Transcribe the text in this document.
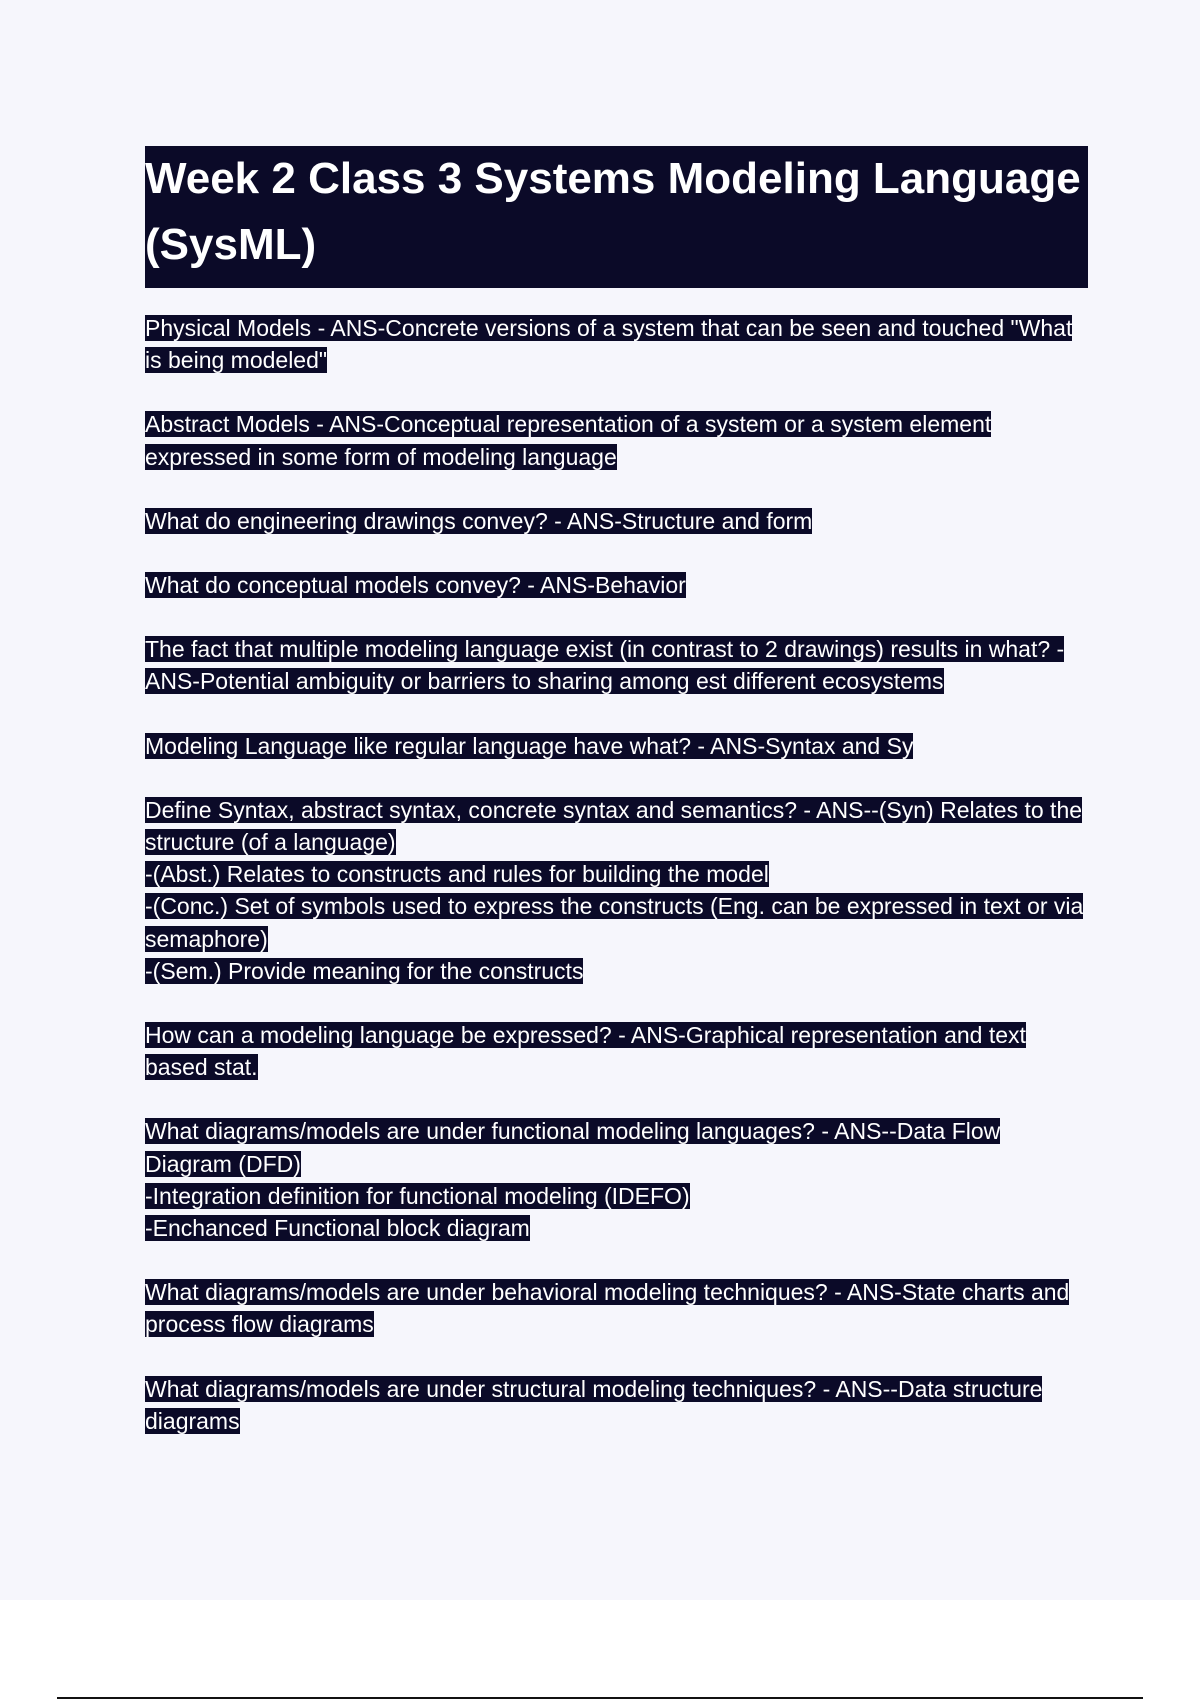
Week 2 Class 3 Systems Modeling Language (SysML)

Physical Models - ANS-Concrete versions of a system that can be seen and touched "What is being modeled"

Abstract Models - ANS-Conceptual representation of a system or a system element expressed in some form of modeling language

What do engineering drawings convey? - ANS-Structure and form

What do conceptual models convey? - ANS-Behavior

The fact that multiple modeling language exist (in contrast to 2 drawings) results in what? - ANS-Potential ambiguity or barriers to sharing among est different ecosystems

Modeling Language like regular language have what? - ANS-Syntax and Sy

Define Syntax, abstract syntax, concrete syntax and semantics? - ANS--(Syn) Relates to the structure (of a language)
-(Abst.) Relates to constructs and rules for building the model
-(Conc.) Set of symbols used to express the constructs (Eng. can be expressed in text or via semaphore)
-(Sem.) Provide meaning for the constructs

How can a modeling language be expressed? - ANS-Graphical representation and text based stat.

What diagrams/models are under functional modeling languages? - ANS--Data Flow Diagram (DFD)
-Integration definition for functional modeling (IDEFO)
-Enchanced Functional block diagram

What diagrams/models are under behavioral modeling techniques? - ANS-State charts and process flow diagrams

What diagrams/models are under structural modeling techniques? - ANS--Data structure diagrams
